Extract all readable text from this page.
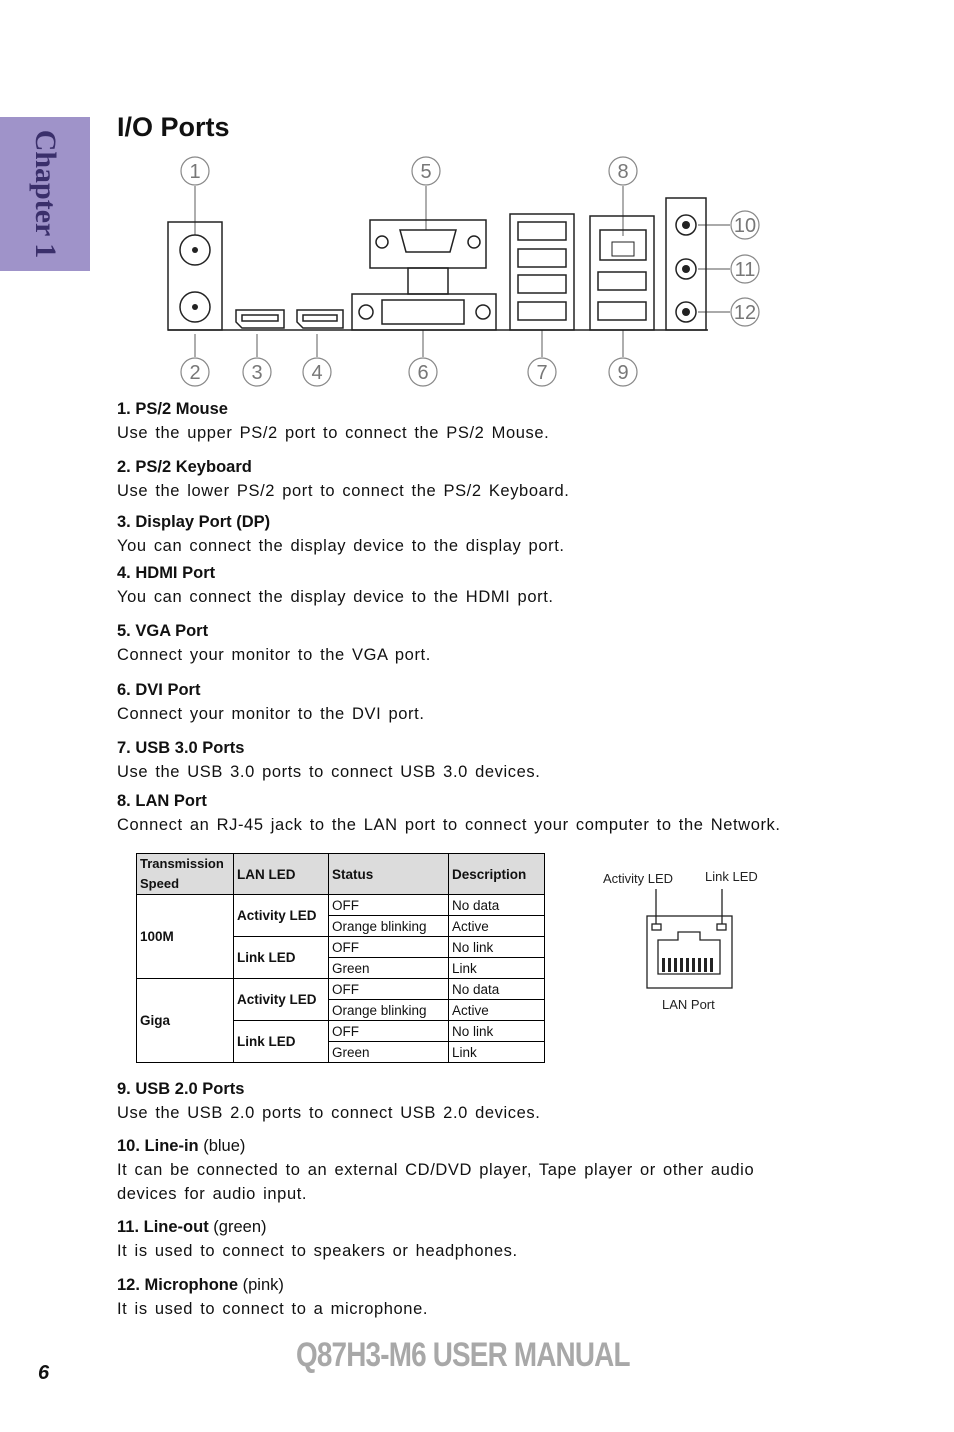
Chapter 1
I/O Ports
1
2	3 4
5
6	7
8
9
10
11
12
1. PS/2 Mouse
Use the upper PS/2 port to connect the PS/2 Mouse.
2. PS/2 Keyboard
Use the lower PS/2 port to connect the PS/2 Keyboard.
3. Display Port (DP)
You can connect the display device to the display port.
4. HDMI Port
You can connect the display device to the HDMI port.
5. VGA Port
Connect your monitor to the VGA port.
6. DVI Port
Connect your monitor to the DVI port.
7. USB 3.0 Ports
Use the USB 3.0 ports to connect USB 3.0 devices.
8. LAN Port
Connect an RJ-45 jack to the LAN port to connect your computer to the Network.
Transmission Speed	LAN LED	Status	Description
100M	Activity LED	OFF	No data
		Orange blinking	Active
	Link LED	OFF	No link
		Green	Link
Giga	Activity LED	OFF	No data
		Orange blinking	Active
	Link LED	OFF	No link
		Green	Link
Activity LED Link LED
LAN Port
9. USB 2.0 Ports
Use the USB 2.0 ports to connect USB 2.0 devices.
10. Line-in (blue)
It can be connected to an external CD/DVD player, Tape player or other audio devices for audio input.
11. Line-out (green)
It is used to connect to speakers or headphones.
12. Microphone (pink)
It is used to connect to a microphone.
6	Q87H3-M6 USER MANUAL
